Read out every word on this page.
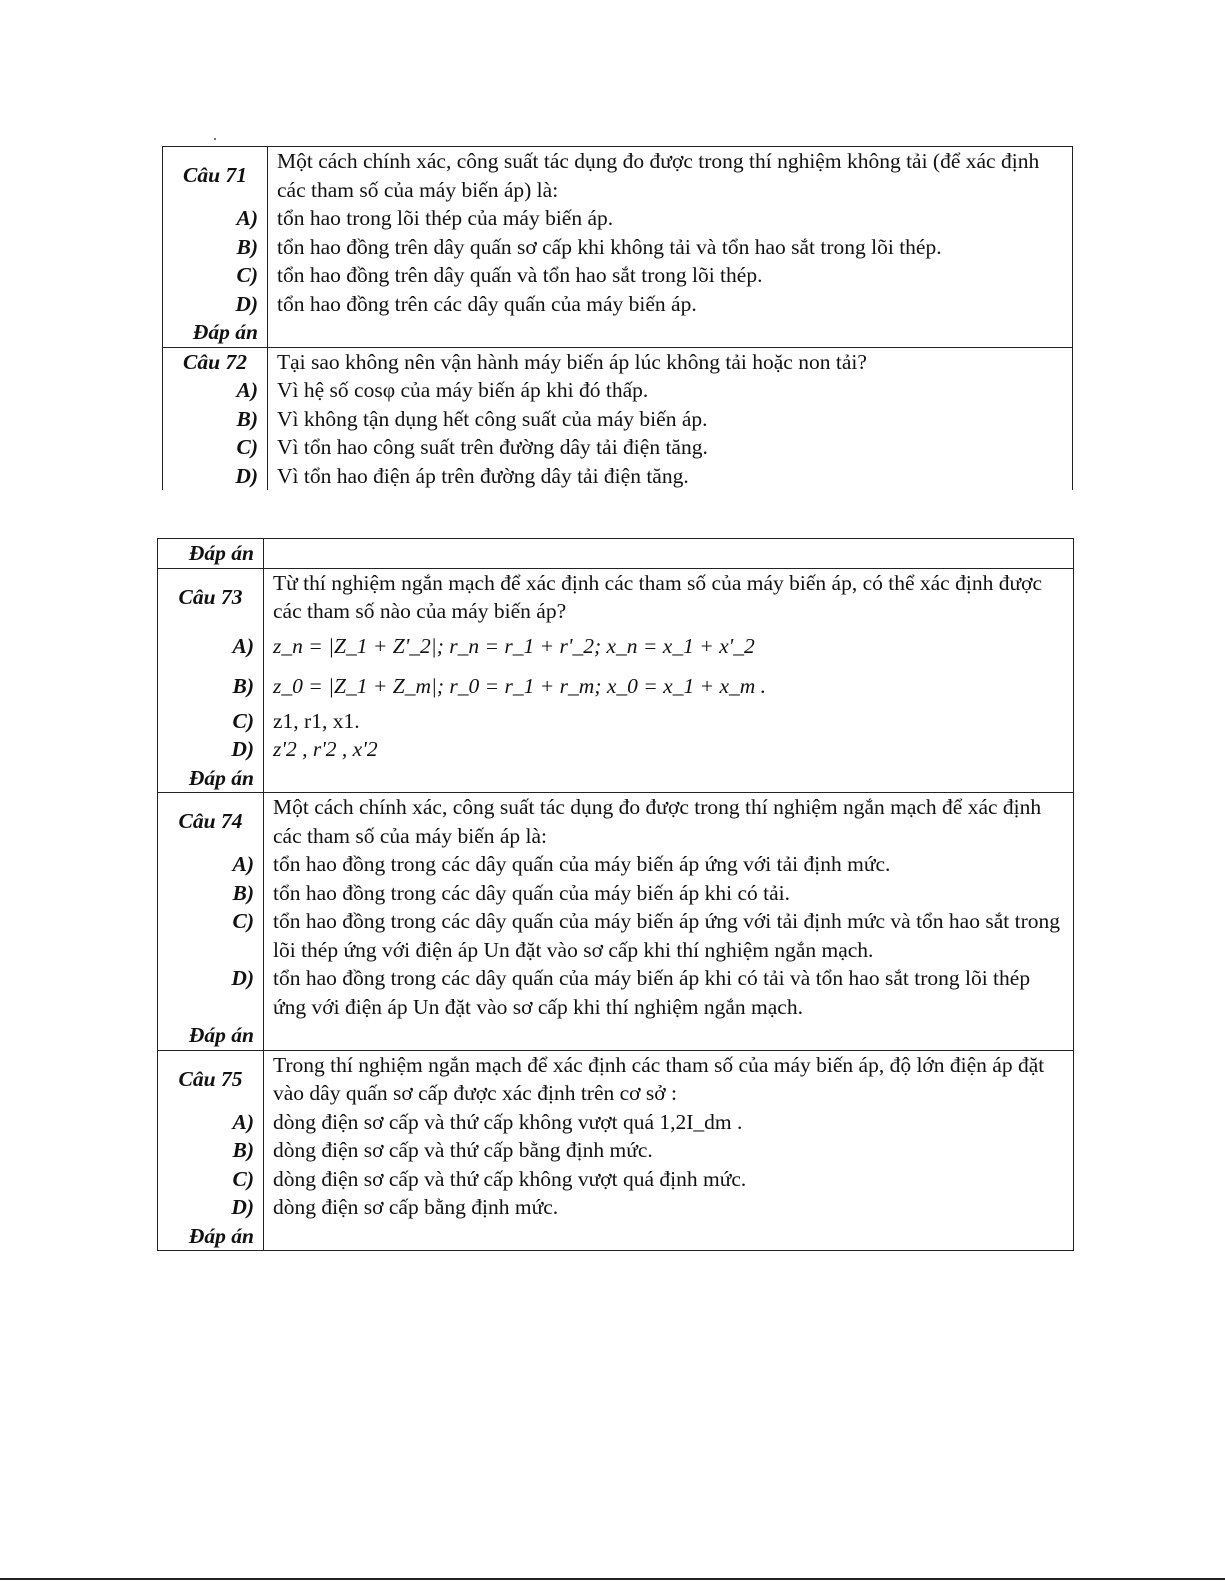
Câu 71	Một cách chính xác, công suất tác dụng đo được trong thí nghiệm không tải (để xác định các tham số của máy biến áp) là:
A)	tổn hao trong lõi thép của máy biến áp.
B)	tổn hao đồng trên dây quấn sơ cấp khi không tải và tổn hao sắt trong lõi thép.
C)	tổn hao đồng trên dây quấn và tổn hao sắt trong lõi thép.
D)	tổn hao đồng trên các dây quấn của máy biến áp.
Đáp án	
Câu 72	Tại sao không nên vận hành máy biến áp lúc không tải hoặc non tải?
A)	Vì hệ số cosφ của máy biến áp khi đó thấp.
B)	Vì không tận dụng hết công suất của máy biến áp.
C)	Vì tổn hao công suất trên đường dây tải điện tăng.
D)	Vì tổn hao điện áp trên đường dây tải điện tăng.
Đáp án	
Câu 73	Từ thí nghiệm ngắn mạch để xác định các tham số của máy biến áp, có thể xác định được các tham số nào của máy biến áp?
A)	z_n = |Z_1 + Z'_2|; r_n = r_1 + r'_2; x_n = x_1 + x'_2
B)	z_0 = |Z_1 + Z_m|; r_0 = r_1 + r_m; x_0 = x_1 + x_m .
C)	z1, r1, x1.
D)	z'2 , r'2 , x'2
Đáp án	
Câu 74	Một cách chính xác, công suất tác dụng đo được trong thí nghiệm ngắn mạch để xác định các tham số của máy biến áp là:
A)	tổn hao đồng trong các dây quấn của máy biến áp ứng với tải định mức.
B)	tổn hao đồng trong các dây quấn của máy biến áp khi có tải.
C)	tổn hao đồng trong các dây quấn của máy biến áp ứng với tải định mức và tổn hao sắt trong lõi thép ứng với điện áp Un đặt vào sơ cấp khi thí nghiệm ngắn mạch.
D)	tổn hao đồng trong các dây quấn của máy biến áp khi có tải và tổn hao sắt trong lõi thép ứng với điện áp Un đặt vào sơ cấp khi thí nghiệm ngắn mạch.
Đáp án	
Câu 75	Trong thí nghiệm ngắn mạch để xác định các tham số của máy biến áp, độ lớn điện áp đặt vào dây quấn sơ cấp được xác định trên cơ sở :
A)	dòng điện sơ cấp và thứ cấp không vượt quá 1,2I_dm .
B)	dòng điện sơ cấp và thứ cấp bằng định mức.
C)	dòng điện sơ cấp và thứ cấp không vượt quá định mức.
D)	dòng điện sơ cấp bằng định mức.
Đáp án	
